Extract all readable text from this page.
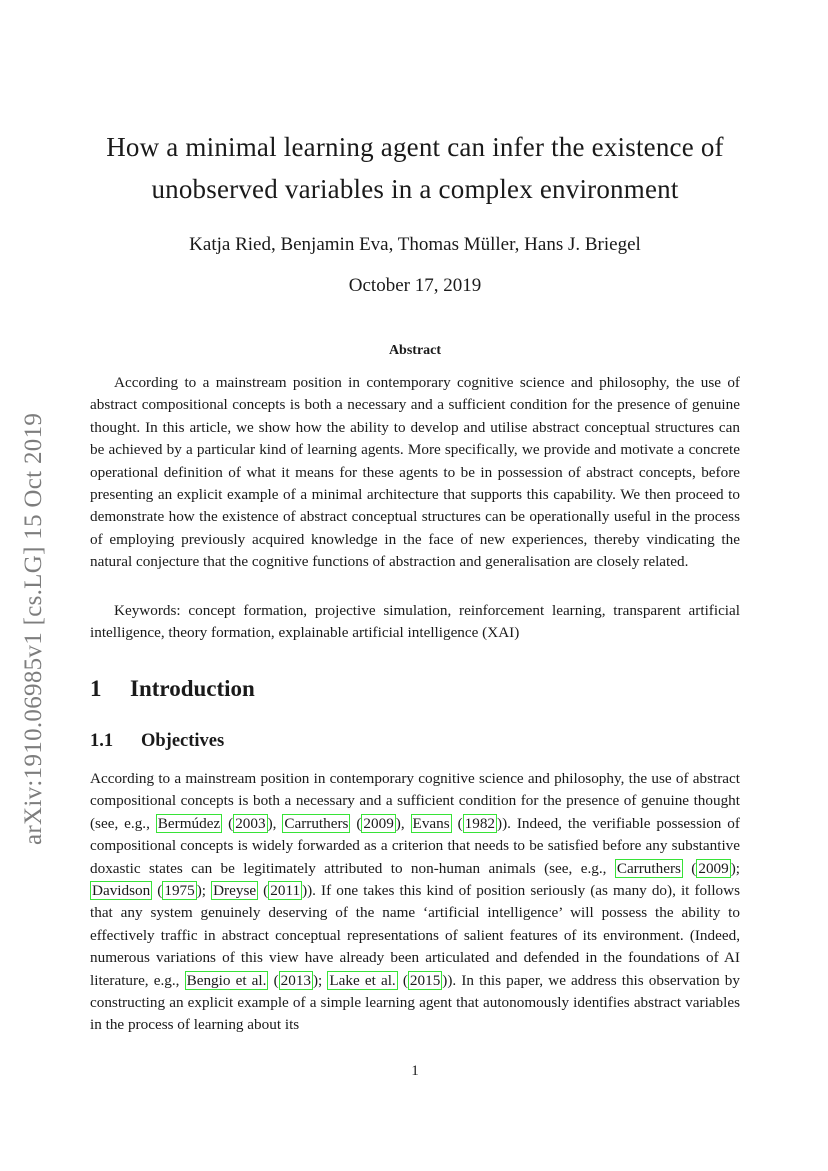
arXiv:1910.06985v1 [cs.LG] 15 Oct 2019
How a minimal learning agent can infer the existence of
unobserved variables in a complex environment
Katja Ried, Benjamin Eva, Thomas Müller, Hans J. Briegel
October 17, 2019
Abstract

According to a mainstream position in contemporary cognitive science and philosophy, the use of abstract compositional concepts is both a necessary and a sufficient condition for the presence of genuine thought. In this article, we show how the ability to develop and utilise abstract conceptual structures can be achieved by a particular kind of learning agents. More specifically, we provide and motivate a concrete operational definition of what it means for these agents to be in possession of abstract concepts, before presenting an explicit example of a minimal architecture that supports this capability. We then proceed to demonstrate how the existence of abstract conceptual structures can be operationally useful in the process of employing previously acquired knowledge in the face of new experiences, thereby vindicating the natural conjecture that the cognitive functions of abstraction and generalisation are closely related.

Keywords: concept formation, projective simulation, reinforcement learning, transparent artificial intelligence, theory formation, explainable artificial intelligence (XAI)

1 Introduction
1.1 Objectives

According to a mainstream position in contemporary cognitive science and philosophy, the use of abstract compositional concepts is both a necessary and a sufficient condition for the presence of genuine thought (see, e.g., Bermúdez ( 2003 ), Carruthers ( 2009 ), Evans ( 1982 )). Indeed, the verifiable possession of compositional concepts is widely forwarded as a criterion that needs to be satisfied before any substantive doxastic states can be legitimately attributed to non-human animals (see, e.g., Carruthers ( 2009 ); Davidson ( 1975 ); Dreyse ( 2011 )). If one takes this kind of position seriously (as many do), it follows that any system genuinely deserving of the name ‘artificial intelligence’ will possess the ability to effectively traffic in abstract conceptual representations of salient features of its environment. (Indeed, numerous variations of this view have already been articulated and defended in the foundations of AI literature, e.g., Bengio et al. ( 2013 ); Lake et al. ( 2015 )). In this paper, we address this observation by constructing an explicit example of a simple learning agent that autonomously identifies abstract variables in the process of learning about its

1
